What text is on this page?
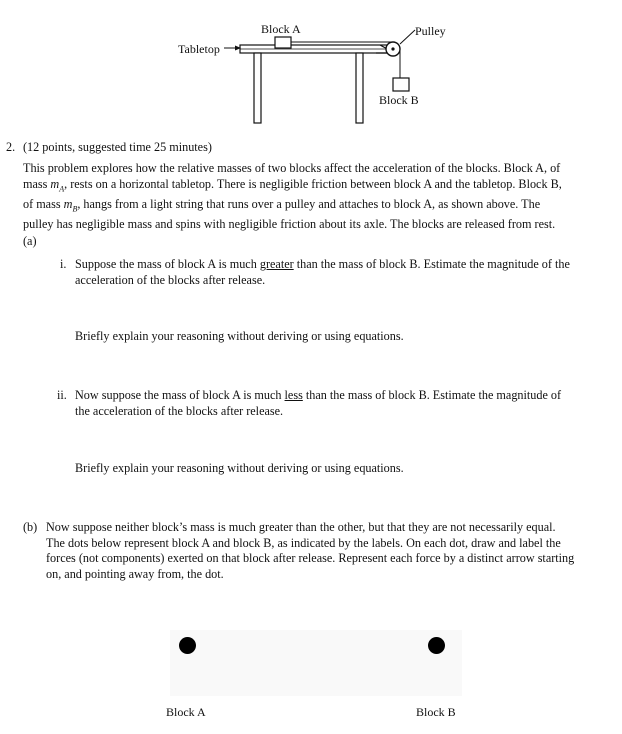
Block A	Pulley
Tabletop
Block B
2. (12 points, suggested time 25 minutes)
This problem explores how the relative masses of two blocks affect the acceleration of the blocks. Block A, of
mass $m_A$, rests on a horizontal tabletop. There is negligible friction between block A and the tabletop. Block B,
of mass $m_B$, hangs from a light string that runs over a pulley and attaches to block A, as shown above. The
pulley has negligible mass and spins with negligible friction about its axle. The blocks are released from rest.
(a)
i. Suppose the mass of block A is much greater than the mass of block B. Estimate the magnitude of the
acceleration of the blocks after release.
Briefly explain your reasoning without deriving or using equations.
ii. Now suppose the mass of block A is much less than the mass of block B. Estimate the magnitude of
the acceleration of the blocks after release.
Briefly explain your reasoning without deriving or using equations.
(b) Now suppose neither block’s mass is much greater than the other, but that they are not necessarily equal.
The dots below represent block A and block B, as indicated by the labels. On each dot, draw and label the
forces (not components) exerted on that block after release. Represent each force by a distinct arrow starting
on, and pointing away from, the dot.
Block A	Block B
